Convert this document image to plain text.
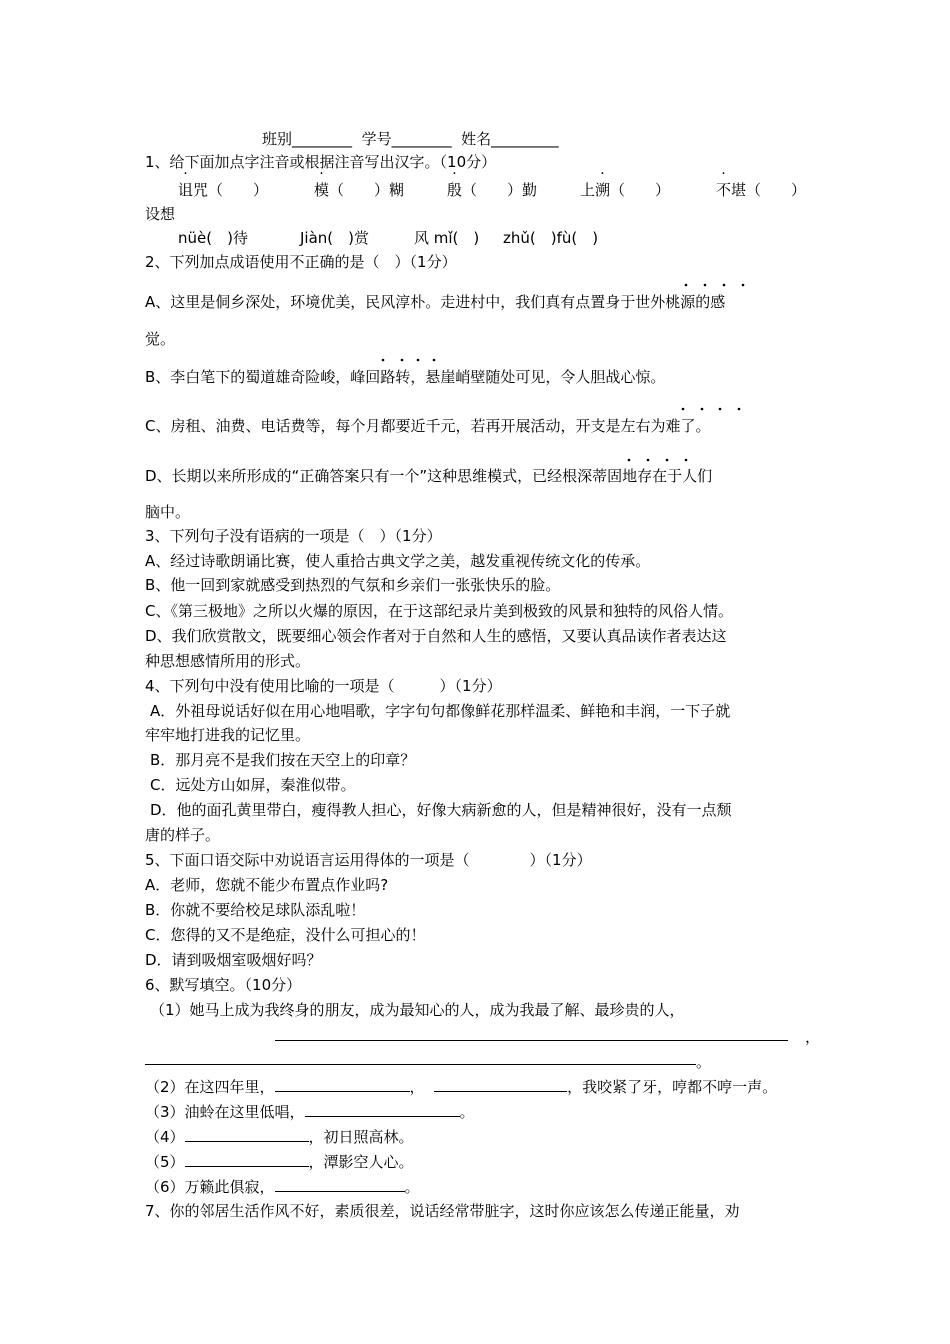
班别________ 学号________ 姓名_________
1、给下面加点字注音或根据注音写出汉字。（10分）
诅咒（　　）	模（　　）糊	殷（　　）勤	上溯（　　）	不堪（　　）
设想
nüè(　)待	Jiàn(　)赏	风 mǐ(　) zhǔ(　)fù(　)
2、下列加点成语使用不正确的是（　）（1分）
A、这里是侗乡深处，环境优美，民风淳朴。走进村中，我们真有点置身于世外桃源的感
觉。
B、李白笔下的蜀道雄奇险峻，峰回路转，悬崖峭壁随处可见，令人胆战心惊。
C、房租、油费、电话费等，每个月都要近千元，若再开展活动，开支是左右为难了。
D、长期以来所形成的“正确答案只有一个”这种思维模式，已经根深蒂固地存在于人们
脑中。
3、下列句子没有语病的一项是（　）（1分）
A、经过诗歌朗诵比赛，使人重拾古典文学之美，越发重视传统文化的传承。
B、他一回到家就感受到热烈的气氛和乡亲们一张张快乐的脸。
C、《第三极地》之所以火爆的原因，在于这部纪录片美到极致的风景和独特的风俗人情。
D、我们欣赏散文，既要细心领会作者对于自然和人生的感悟，又要认真品读作者表达这
种思想感情所用的形式。
4、下列句中没有使用比喻的一项是（　　　）（1分）
A．外祖母说话好似在用心地唱歌，字字句句都像鲜花那样温柔、鲜艳和丰润，一下子就
牢牢地打进我的记忆里。
B．那月亮不是我们按在天空上的印章？
C．远处方山如屏，秦淮似带。
D．他的面孔黄里带白，瘦得教人担心，好像大病新愈的人，但是精神很好，没有一点颓
唐的样子。
5、下面口语交际中劝说语言运用得体的一项是（　　　　）（1分）
A．老师，您就不能少布置点作业吗?
B．你就不要给校足球队添乱啦！
C．您得的又不是绝症，没什么可担心的！
D．请到吸烟室吸烟好吗？
6、默写填空。（10分）
（1）她马上成为我终身的朋友，成为最知心的人，成为我最了解、最珍贵的人，
，
。
（2）在这四年里，	，	，我咬紧了牙，哼都不哼一声。
（3）油蛉在这里低唱，	。
（4）	，初日照高林。
（5）	，潭影空人心。
（6）万籁此俱寂，	。
7、你的邻居生活作风不好，素质很差，说话经常带脏字，这时你应该怎么传递正能量，劝
